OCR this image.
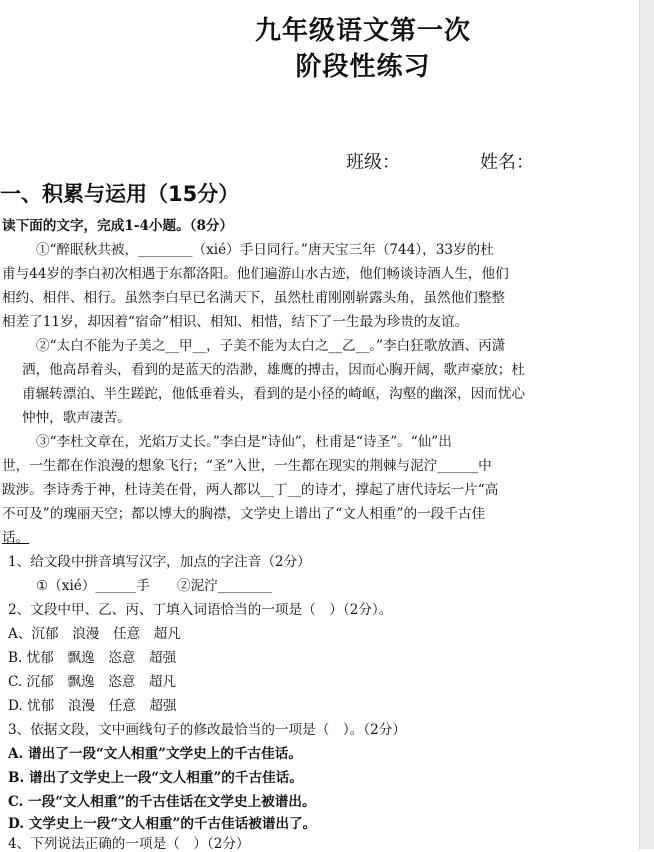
九年级语文第一次
阶段性练习
班级：	姓名：
一、积累与运用（15分）
读下面的文字，完成1-4小题。（8分）
①“醉眠秋共被，________（xié）手日同行。”唐天宝三年（744），33岁的杜
甫与44岁的李白初次相遇于东都洛阳。他们遍游山水古迹，他们畅谈诗酒人生，他们
相约、相伴、相行。虽然李白早已名满天下，虽然杜甫刚刚崭露头角，虽然他们整整
相差了11岁，却因着“宿命”相识、相知、相惜，结下了一生最为珍贵的友谊。
②“太白不能为子美之__甲__，子美不能为太白之__乙__。”李白狂歌放酒、丙潇
洒，他高昂着头，看到的是蓝天的浩渺，雄鹰的搏击，因而心胸开阔，歌声豪放；杜
甫辗转漂泊、半生蹉跎，他低垂着头，看到的是小径的崎岖，沟壑的幽深，因而忧心
忡忡，歌声凄苦。
③“李杜文章在，光焰万丈长。”李白是“诗仙”，杜甫是“诗圣”。“仙”出
世，一生都在作浪漫的想象飞行；“圣”入世，一生都在现实的荆棘与泥泞______中
跋涉。李诗秀于神，杜诗美在骨，两人都以__丁__的诗才，撑起了唐代诗坛一片“高
不可及”的瑰丽天空；都以博大的胸襟，文学史上谱出了“文人相重”的一段千古佳
话。
1、给文段中拼音填写汉字，加点的字注音（2分）
①（xié）______手　　②泥泞________
2、文段中甲、乙、丙、丁填入词语恰当的一项是（　）（2分）。
A、沉郁　浪漫　任意　超凡
B. 忧郁　飘逸　恣意　超强
C. 沉郁　飘逸　恣意　超凡
D. 忧郁　浪漫　任意　超强
3、依据文段，文中画线句子的修改最恰当的一项是（　）。（2分）
A. 谱出了一段“文人相重”文学史上的千古佳话。
B. 谱出了文学史上一段“文人相重”的千古佳话。
C. 一段“文人相重”的千古佳话在文学史上被谱出。
D. 文学史上一段“文人相重”的千古佳话被谱出了。
4、下列说法正确的一项是（　）（2分）
